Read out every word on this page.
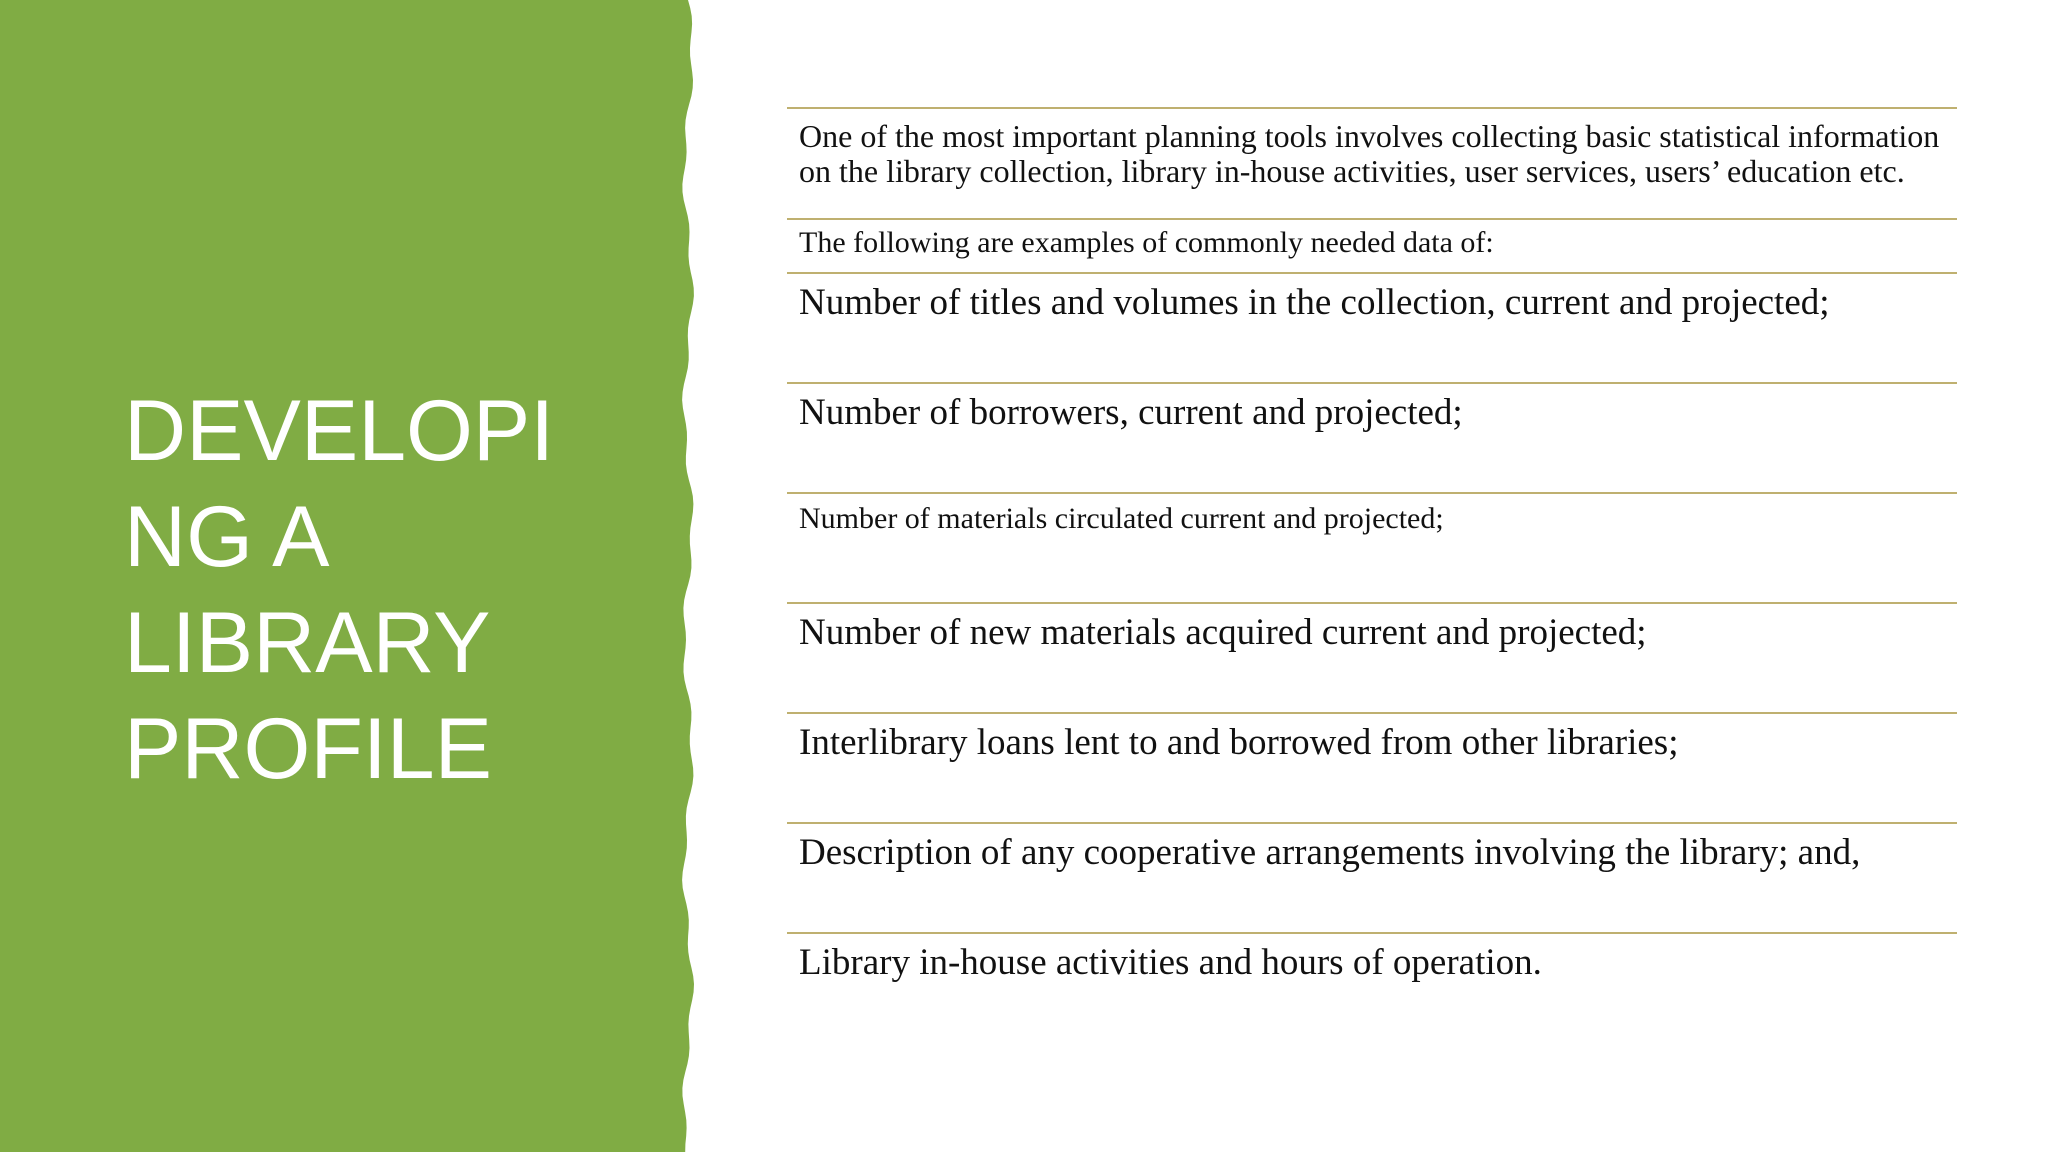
DEVELOPI
NG A
LIBRARY
PROFILE
One of the most important planning tools involves collecting basic statistical information on the library collection, library in-house activities, user services, users’ education etc.
The following are examples of commonly needed data of:
Number of titles and volumes in the collection, current and projected;
Number of borrowers, current and projected;
Number of materials circulated current and projected;
Number of new materials acquired current and projected;
Interlibrary loans lent to and borrowed from other libraries;
Description of any cooperative arrangements involving the library; and,
Library in-house activities and hours of operation.
